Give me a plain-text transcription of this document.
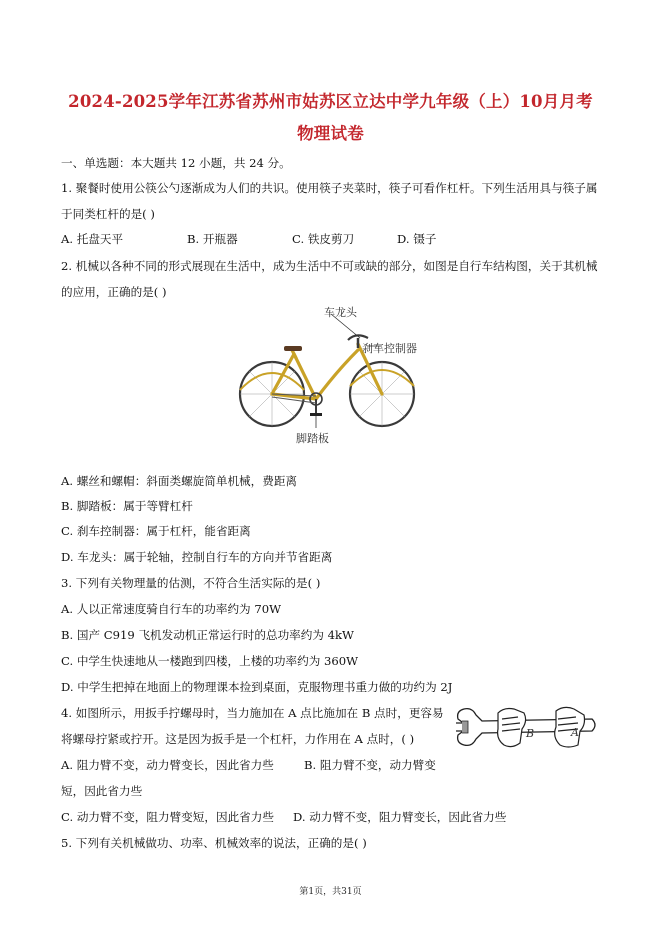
2024-2025学年江苏省苏州市姑苏区立达中学九年级（上）10月月考
物理试卷
一、单选题：本大题共 12 小题，共 24 分。
1. 聚餐时使用公筷公勺逐渐成为人们的共识。使用筷子夹菜时，筷子可看作杠杆。下列生活用具与筷子属
于同类杠杆的是( )
A. 托盘天平	B. 开瓶器	C. 铁皮剪刀	D. 镊子
2. 机械以各种不同的形式展现在生活中，成为生活中不可或缺的部分，如图是自行车结构图，关于其机械
的应用，正确的是( )
车龙头
刹车控制器
脚踏板
A. 螺丝和螺帽：斜面类螺旋简单机械，费距离
B. 脚踏板：属于等臂杠杆
C. 刹车控制器：属于杠杆，能省距离
D. 车龙头：属于轮轴，控制自行车的方向并节省距离
3. 下列有关物理量的估测，不符合生活实际的是( )
A. 人以正常速度骑自行车的功率约为 70W
B. 国产 C919 飞机发动机正常运行时的总功率约为 4kW
C. 中学生快速地从一楼跑到四楼，上楼的功率约为 360W
D. 中学生把掉在地面上的物理课本捡到桌面，克服物理书重力做的功约为 2J
4. 如图所示，用扳手拧螺母时，当力施加在 A 点比施加在 B 点时，更容易
将螺母拧紧或拧开。这是因为扳手是一个杠杆，力作用在 A 点时，( )	B	A
A. 阻力臂不变，动力臂变长，因此省力些	B. 阻力臂不变，动力臂变
短，因此省力些
C. 动力臂不变，阻力臂变短，因此省力些 D. 动力臂不变，阻力臂变长，因此省力些
5. 下列有关机械做功、功率、机械效率的说法，正确的是( )
第1页，共31页
